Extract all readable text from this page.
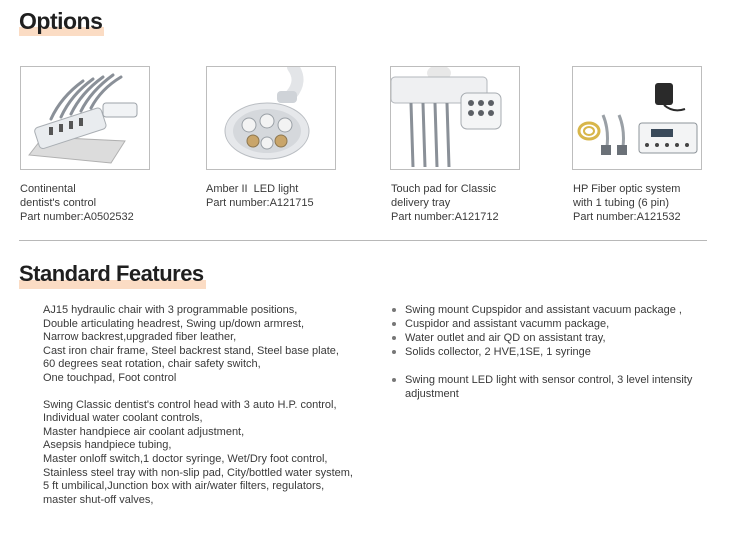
Options
Continental
dentist's control
Part number:A0502532
Amber II  LED light
Part number:A121715
Touch pad for Classic
delivery tray
Part number:A121712
HP Fiber optic system
with 1 tubing (6 pin)
Part number:A121532
Standard Features
AJ15 hydraulic chair with 3 programmable positions,
Double articulating headrest, Swing up/down armrest,
Narrow backrest,upgraded fiber leather,
Cast iron chair frame, Steel backrest stand, Steel base plate,
60 degrees seat rotation, chair safety switch,
One touchpad, Foot control
Swing Classic dentist's control head with 3 auto H.P. control,
Individual water coolant controls,
Master handpiece air coolant adjustment,
Asepsis handpiece tubing,
Master onloff switch,1 doctor syringe, Wet/Dry foot control,
Stainless steel tray with non-slip pad, City/bottled water system,
5 ft umbilical,Junction box with air/water filters, regulators,
master shut-off valves,
Swing mount Cupspidor and assistant vacuum package ,
Cuspidor and assistant vacumm package,
Water outlet and air QD on assistant tray,
Solids collector, 2 HVE,1SE, 1 syringe
Swing mount LED light with sensor control, 3 level intensity
adjustment
